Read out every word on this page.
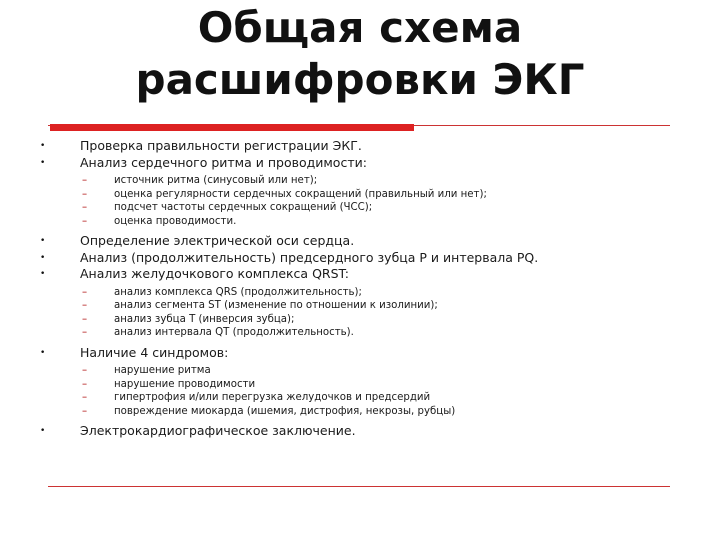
Общая схема
расшифровки ЭКГ
•	Проверка правильности регистрации ЭКГ.
•	Анализ сердечного ритма и проводимости:
–	источник ритма (синусовый или нет);
–	оценка регулярности сердечных сокращений (правильный или нет);
–	подсчет частоты сердечных сокращений (ЧСС);
–	оценка проводимости.
•	Определение электрической оси сердца.
•	Анализ (продолжительность) предсердного зубца P и интервала PQ.
•	Анализ желудочкового комплекса QRST:
–	анализ комплекса QRS (продолжительность);
–	анализ сегмента ST (изменение по отношении к изолинии);
–	анализ зубца T (инверсия зубца);
–	анализ интервала QT (продолжительность).
•	Наличие 4 синдромов:
–	нарушение ритма
–	нарушение проводимости
–	гипертрофия и/или перегрузка желудочков и предсердий
–	повреждение миокарда (ишемия, дистрофия, некрозы, рубцы)
•	Электрокардиографическое заключение.
